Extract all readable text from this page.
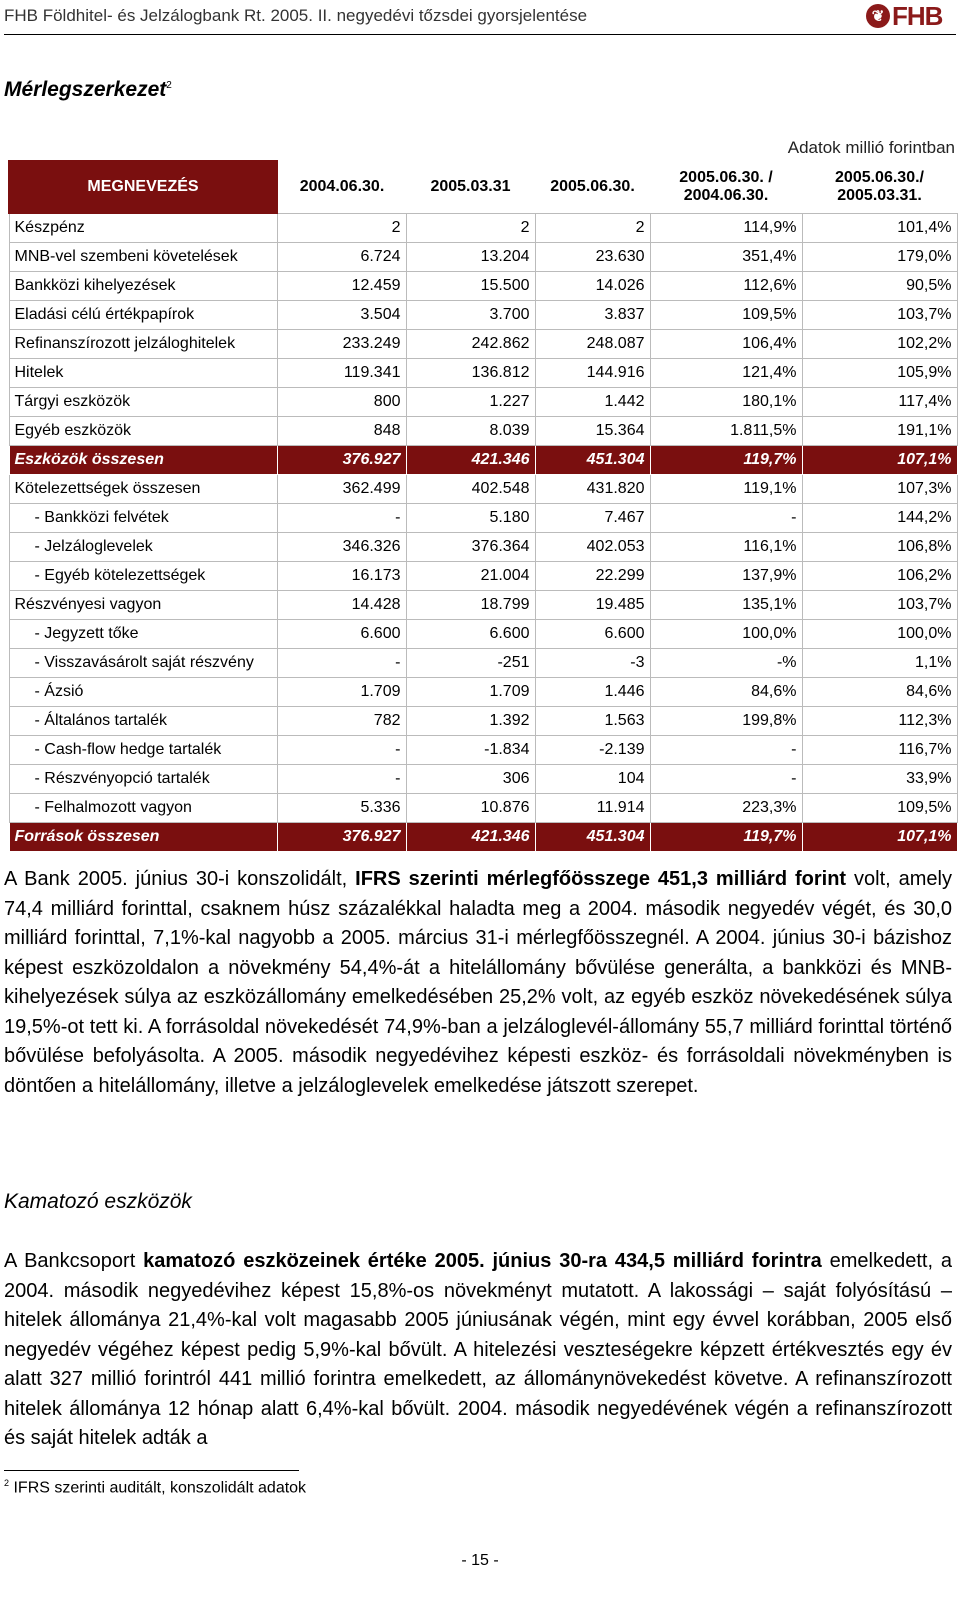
FHB Földhitel- és Jelzálogbank Rt. 2005. II. negyedévi tőzsdei gyorsjelentése	❦ FHB
Mérlegszerkezet$^2$
Adatok millió forintban
MEGNEVEZÉS	2004.06.30.	2005.03.31	2005.06.30.	2005.06.30. / 2004.06.30.	2005.06.30./ 2005.03.31.
Készpénz	2	2	2	114,9%	101,4%
MNB-vel szembeni követelések	6.724	13.204	23.630	351,4%	179,0%
Bankközi kihelyezések	12.459	15.500	14.026	112,6%	90,5%
Eladási célú értékpapírok	3.504	3.700	3.837	109,5%	103,7%
Refinanszírozott jelzáloghitelek	233.249	242.862	248.087	106,4%	102,2%
Hitelek	119.341	136.812	144.916	121,4%	105,9%
Tárgyi eszközök	800	1.227	1.442	180,1%	117,4%
Egyéb eszközök	848	8.039	15.364	1.811,5%	191,1%
Eszközök összesen	376.927	421.346	451.304	119,7%	107,1%
Kötelezettségek összesen	362.499	402.548	431.820	119,1%	107,3%
- Bankközi felvétek	-	5.180	7.467	-	144,2%
- Jelzáloglevelek	346.326	376.364	402.053	116,1%	106,8%
- Egyéb kötelezettségek	16.173	21.004	22.299	137,9%	106,2%
Részvényesi vagyon	14.428	18.799	19.485	135,1%	103,7%
- Jegyzett tőke	6.600	6.600	6.600	100,0%	100,0%
- Visszavásárolt saját részvény	-	-251	-3	-%	1,1%
- Ázsió	1.709	1.709	1.446	84,6%	84,6%
- Általános tartalék	782	1.392	1.563	199,8%	112,3%
- Cash-flow hedge tartalék	-	-1.834	-2.139	-	116,7%
- Részvényopció tartalék	-	306	104	-	33,9%
- Felhalmozott vagyon	5.336	10.876	11.914	223,3%	109,5%
Források összesen	376.927	421.346	451.304	119,7%	107,1%
A Bank 2005. június 30-i konszolidált, IFRS szerinti mérlegfőösszege 451,3 milliárd forint volt, amely 74,4 milliárd forinttal, csaknem húsz százalékkal haladta meg a 2004. második negyedév végét, és 30,0 milliárd forinttal, 7,1%-kal nagyobb a 2005. március 31-i mérlegfőösszegnél. A 2004. június 30-i bázishoz képest eszközoldalon a növekmény 54,4%-át a hitelállomány bővülése generálta, a bankközi és MNB-kihelyezések súlya az eszközállomány emelkedésében 25,2% volt, az egyéb eszköz növekedésének súlya 19,5%-ot tett ki. A forrásoldal növekedését 74,9%-ban a jelzáloglevél-állomány 55,7 milliárd forinttal történő bővülése befolyásolta. A 2005. második negyedévihez képesti eszköz- és forrásoldali növekményben is döntően a hitelállomány, illetve a jelzáloglevelek emelkedése játszott szerepet.
Kamatozó eszközök
A Bankcsoport kamatozó eszközeinek értéke 2005. június 30-ra 434,5 milliárd forintra emelkedett, a 2004. második negyedévihez képest 15,8%-os növekményt mutatott. A lakossági – saját folyósítású – hitelek állománya 21,4%-kal volt magasabb 2005 júniusának végén, mint egy évvel korábban, 2005 első negyedév végéhez képest pedig 5,9%-kal bővült. A hitelezési veszteségekre képzett értékvesztés egy év alatt 327 millió forintról 441 millió forintra emelkedett, az állománynövekedést követve. A refinanszírozott hitelek állománya 12 hónap alatt 6,4%-kal bővült. 2004. második negyedévének végén a refinanszírozott és saját hitelek adták a
$^2$ IFRS szerinti auditált, konszolidált adatok
- 15 -
